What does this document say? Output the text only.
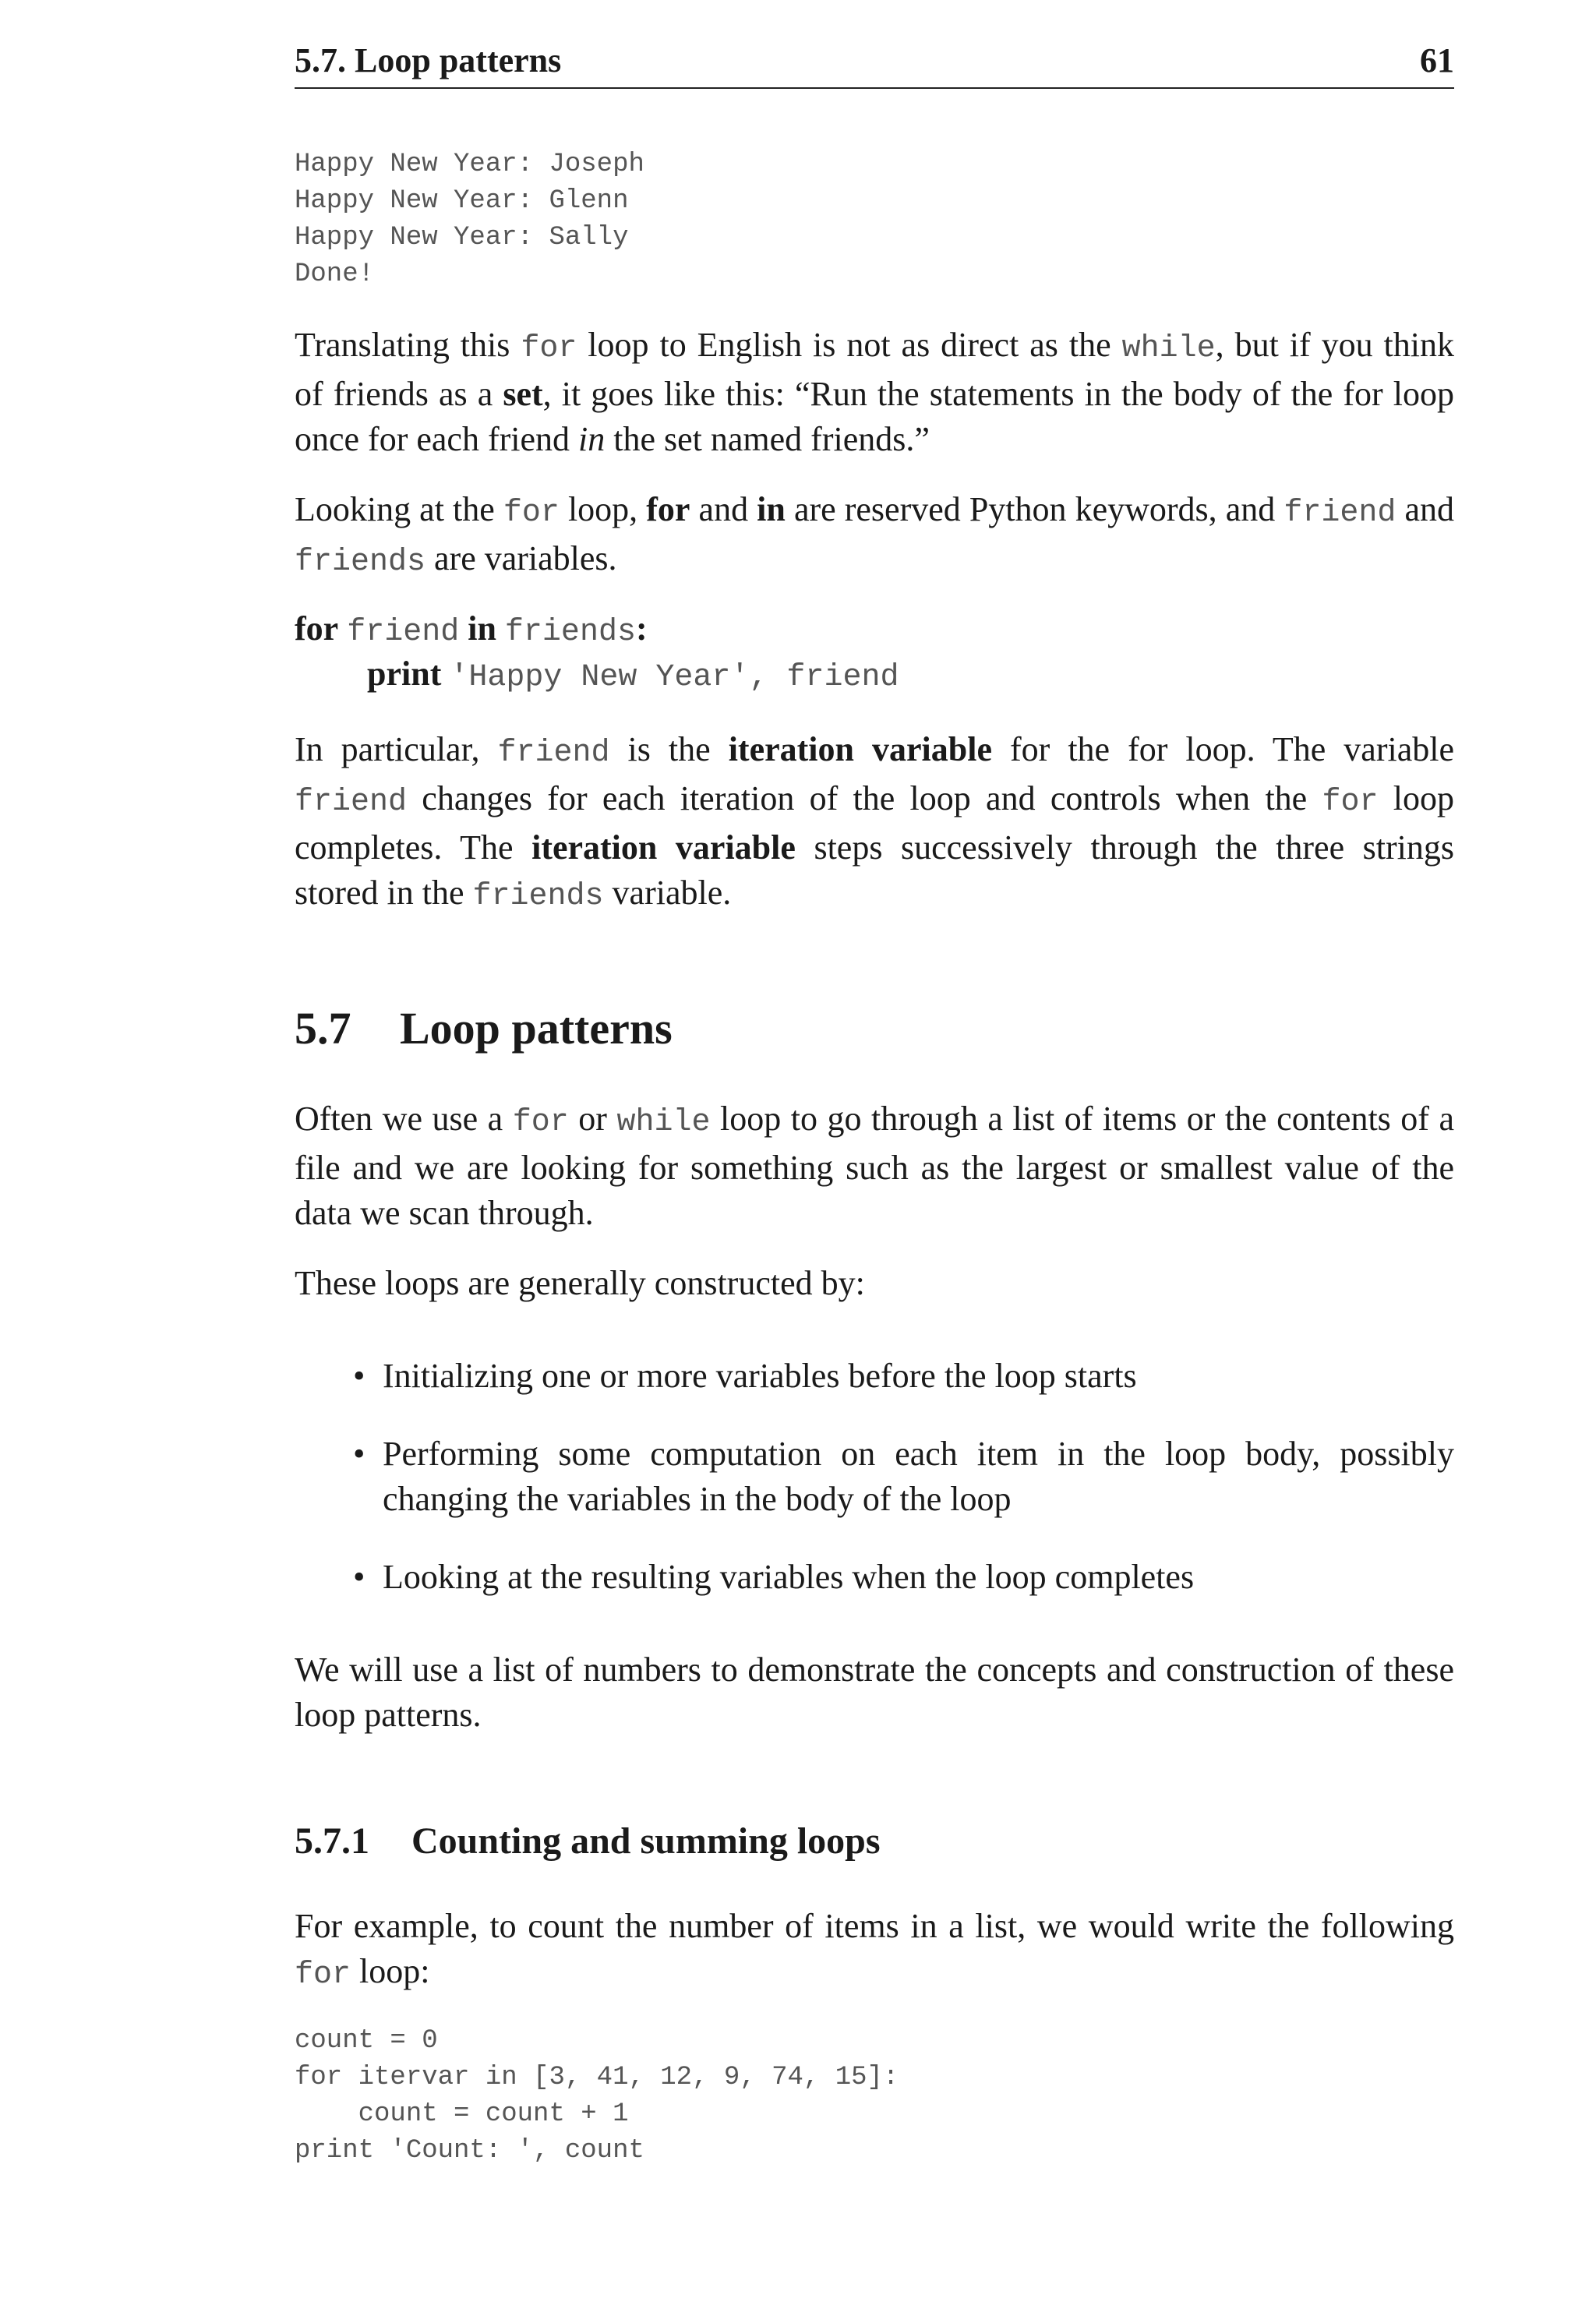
5.7. Loop patterns	61
Happy New Year: Joseph
Happy New Year: Glenn
Happy New Year: Sally
Done!

Translating this for loop to English is not as direct as the while, but if you think of friends as a set, it goes like this: “Run the statements in the body of the for loop once for each friend in the set named friends.”

Looking at the for loop, for and in are reserved Python keywords, and friend and friends are variables.

for friend in friends:
print 'Happy New Year', friend

In particular, friend is the iteration variable for the for loop. The variable friend changes for each iteration of the loop and controls when the for loop completes. The iteration variable steps successively through the three strings stored in the friends variable.

5.7 Loop patterns

Often we use a for or while loop to go through a list of items or the contents of a file and we are looking for something such as the largest or smallest value of the data we scan through.

These loops are generally constructed by:

• Initializing one or more variables before the loop starts
• Performing some computation on each item in the loop body, possibly changing the variables in the body of the loop
• Looking at the resulting variables when the loop completes

We will use a list of numbers to demonstrate the concepts and construction of these loop patterns.

5.7.1 Counting and summing loops

For example, to count the number of items in a list, we would write the following for loop:

count = 0
for itervar in [3, 41, 12, 9, 74, 15]:
count = count + 1
print 'Count: ', count
